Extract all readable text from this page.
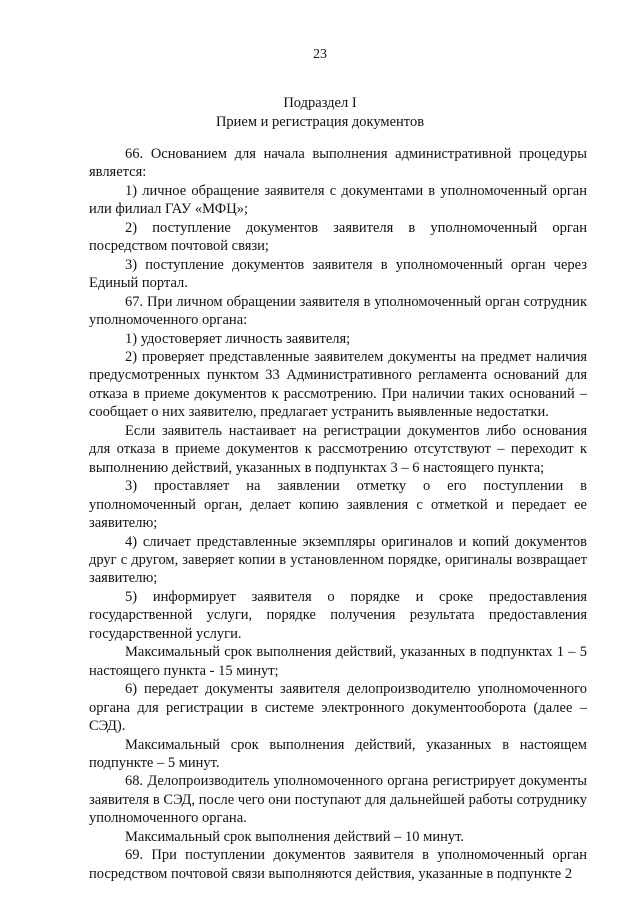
23
Подраздел I
Прием и регистрация документов

66. Основанием для начала выполнения административной процедуры является:

1) личное обращение заявителя с документами в уполномоченный орган или филиал ГАУ «МФЦ»;

2) поступление документов заявителя в уполномоченный орган посредством почтовой связи;

3) поступление документов заявителя в уполномоченный орган через Единый портал.

67. При личном обращении заявителя в уполномоченный орган сотрудник уполномоченного органа:

1) удостоверяет личность заявителя;

2) проверяет представленные заявителем документы на предмет наличия предусмотренных пунктом 33 Административного регламента оснований для отказа в приеме документов к рассмотрению. При наличии таких оснований – сообщает о них заявителю, предлагает устранить выявленные недостатки.

Если заявитель настаивает на регистрации документов либо основания для отказа в приеме документов к рассмотрению отсутствуют – переходит к выполнению действий, указанных в подпунктах 3 – 6 настоящего пункта;

3) проставляет на заявлении отметку о его поступлении в уполномоченный орган, делает копию заявления с отметкой и передает ее заявителю;

4) сличает представленные экземпляры оригиналов и копий документов друг с другом, заверяет копии в установленном порядке, оригиналы возвращает заявителю;

5) информирует заявителя о порядке и сроке предоставления государственной услуги, порядке получения результата предоставления государственной услуги.

Максимальный срок выполнения действий, указанных в подпунктах 1 – 5 настоящего пункта - 15 минут;

6) передает документы заявителя делопроизводителю уполномоченного органа для регистрации в системе электронного документооборота (далее – СЭД).

Максимальный срок выполнения действий, указанных в настоящем подпункте – 5 минут.

68. Делопроизводитель уполномоченного органа регистрирует документы заявителя в СЭД, после чего они поступают для дальнейшей работы сотруднику уполномоченного органа.

Максимальный срок выполнения действий – 10 минут.

69. При поступлении документов заявителя в уполномоченный орган посредством почтовой связи выполняются действия, указанные в подпункте 2
